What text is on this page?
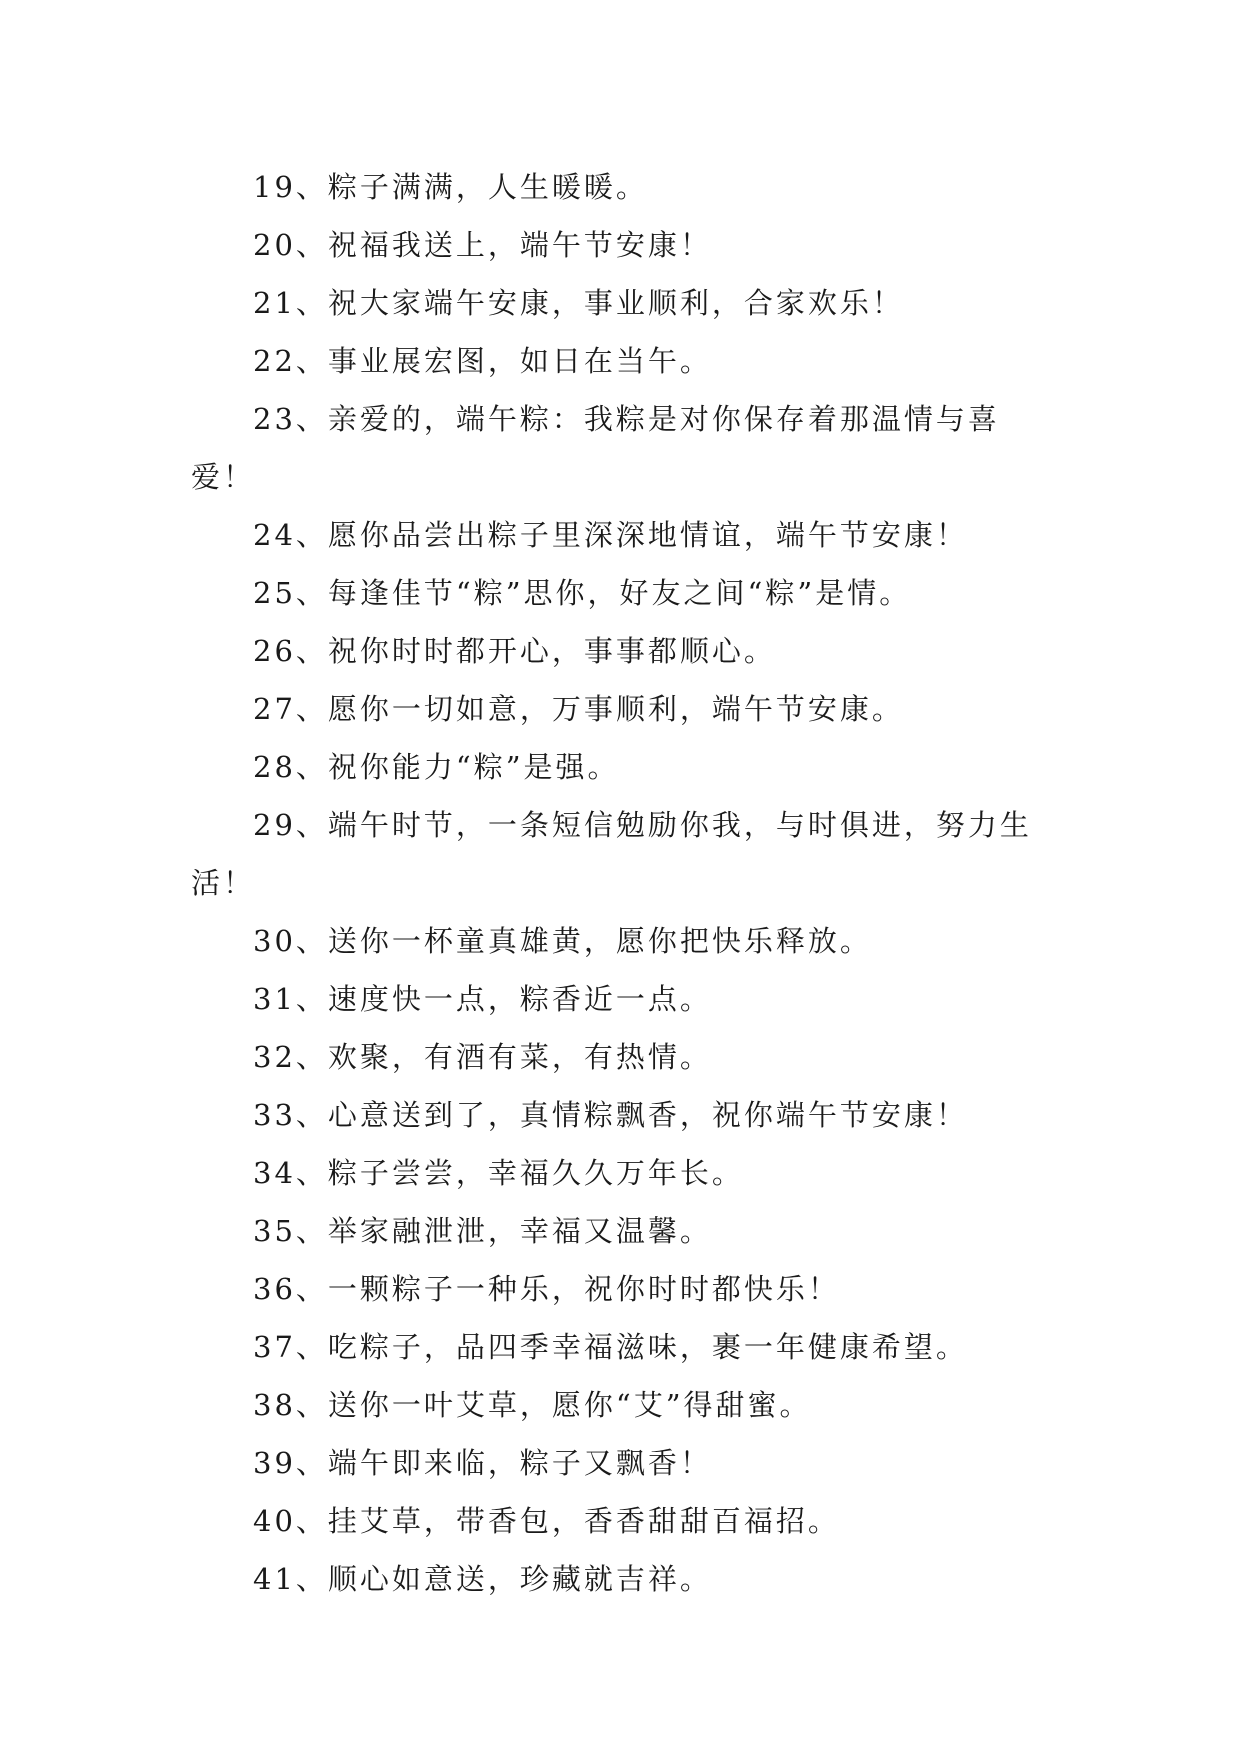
19、粽子满满，人生暖暖。

20、祝福我送上，端午节安康！

21、祝大家端午安康，事业顺利，合家欢乐！

22、事业展宏图，如日在当午。

23、亲爱的，端午粽：我粽是对你保存着那温情与喜爱！

24、愿你品尝出粽子里深深地情谊，端午节安康！

25、每逢佳节“粽”思你，好友之间“粽”是情。

26、祝你时时都开心，事事都顺心。

27、愿你一切如意，万事顺利，端午节安康。

28、祝你能力“粽”是强。

29、端午时节，一条短信勉励你我，与时俱进，努力生活！

30、送你一杯童真雄黄，愿你把快乐释放。

31、速度快一点，粽香近一点。

32、欢聚，有酒有菜，有热情。

33、心意送到了，真情粽飘香，祝你端午节安康！

34、粽子尝尝，幸福久久万年长。

35、举家融泄泄，幸福又温馨。

36、一颗粽子一种乐，祝你时时都快乐！

37、吃粽子，品四季幸福滋味，裹一年健康希望。

38、送你一叶艾草，愿你“艾”得甜蜜。

39、端午即来临，粽子又飘香！

40、挂艾草，带香包，香香甜甜百福招。

41、顺心如意送，珍藏就吉祥。
